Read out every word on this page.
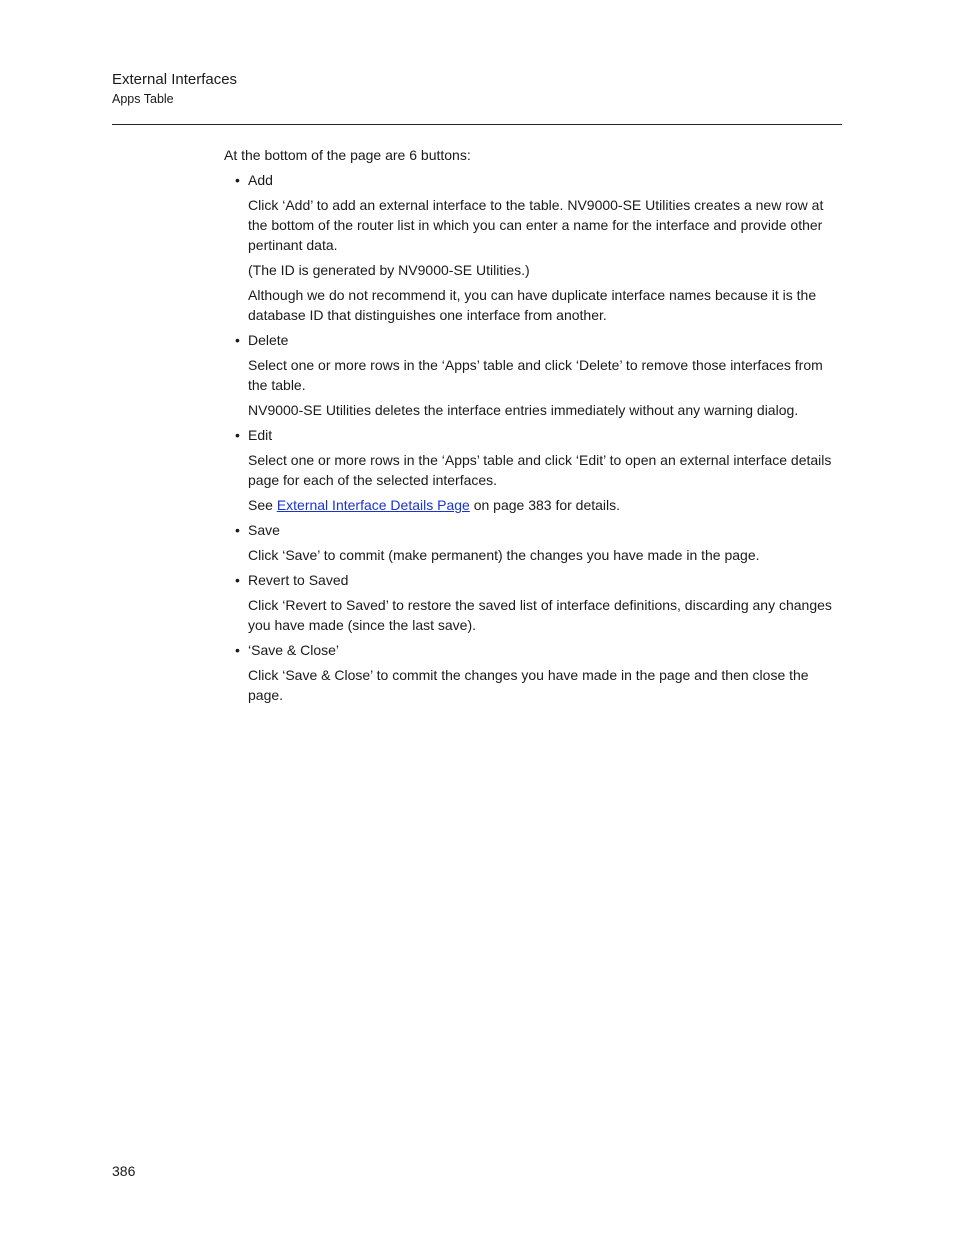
External Interfaces
Apps Table

At the bottom of the page are 6 buttons:

• Add

Click ‘Add’ to add an external interface to the table. NV9000-SE Utilities creates a new row at the bottom of the router list in which you can enter a name for the interface and provide other pertinant data.

(The ID is generated by NV9000-SE Utilities.)

Although we do not recommend it, you can have duplicate interface names because it is the database ID that distinguishes one interface from another.

• Delete

Select one or more rows in the ‘Apps’ table and click ‘Delete’ to remove those interfaces from the table.

NV9000-SE Utilities deletes the interface entries immediately without any warning dialog.

• Edit

Select one or more rows in the ‘Apps’ table and click ‘Edit’ to open an external interface details page for each of the selected interfaces.

See External Interface Details Page on page 383 for details.

• Save

Click ‘Save’ to commit (make permanent) the changes you have made in the page.

• Revert to Saved

Click ‘Revert to Saved’ to restore the saved list of interface definitions, discarding any changes you have made (since the last save).

• ‘Save & Close’

Click ‘Save & Close’ to commit the changes you have made in the page and then close the page.

386
